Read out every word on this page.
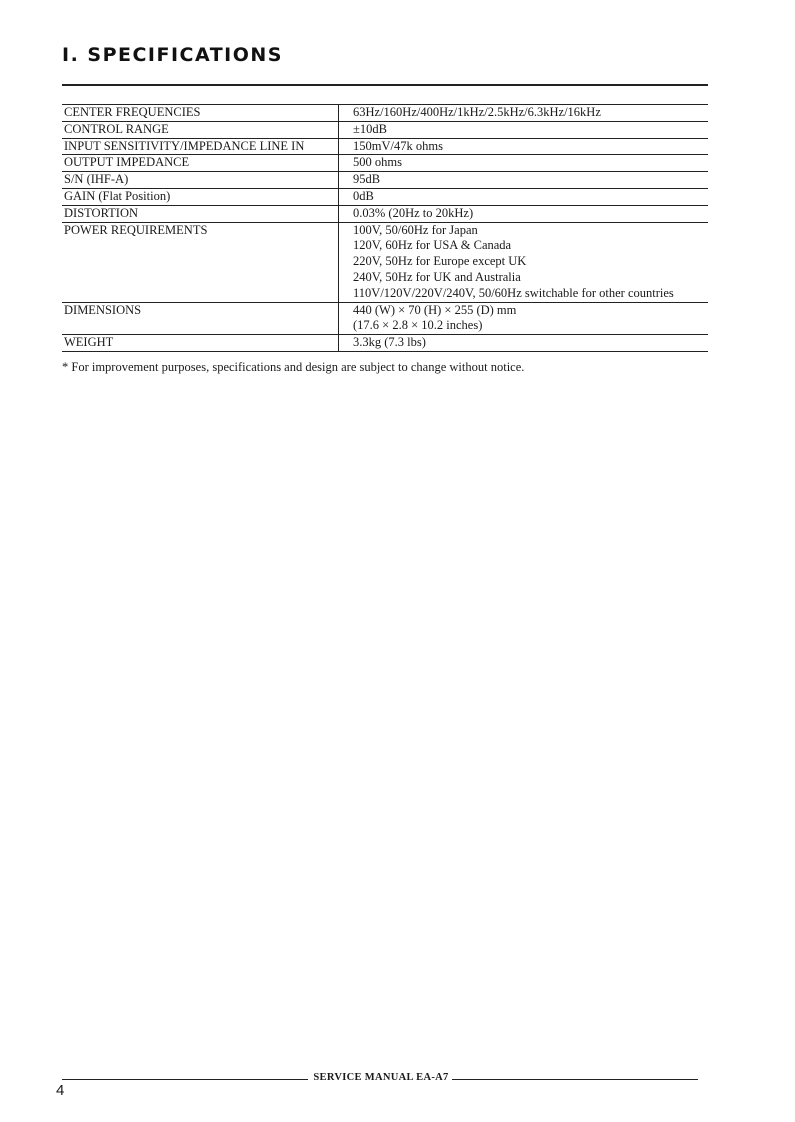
I. SPECIFICATIONS
CENTER FREQUENCIES	63Hz/160Hz/400Hz/1kHz/2.5kHz/6.3kHz/16kHz

CONTROL RANGE	±10dB

INPUT SENSITIVITY/IMPEDANCE LINE IN	150mV/47k ohms

OUTPUT IMPEDANCE	500 ohms

S/N (IHF-A)	95dB

GAIN (Flat Position)	0dB

DISTORTION	0.03% (20Hz to 20kHz)

POWER REQUIREMENTS	100V, 50/60Hz for Japan
120V, 60Hz for USA & Canada
220V, 50Hz for Europe except UK
240V, 50Hz for UK and Australia
110V/120V/220V/240V, 50/60Hz switchable for other countries

DIMENSIONS	440 (W) × 70 (H) × 255 (D) mm
(17.6 × 2.8 × 10.2 inches)

WEIGHT	3.3kg (7.3 lbs)

* For improvement purposes, specifications and design are subject to change without notice.

SERVICE MANUAL EA-A7
4
